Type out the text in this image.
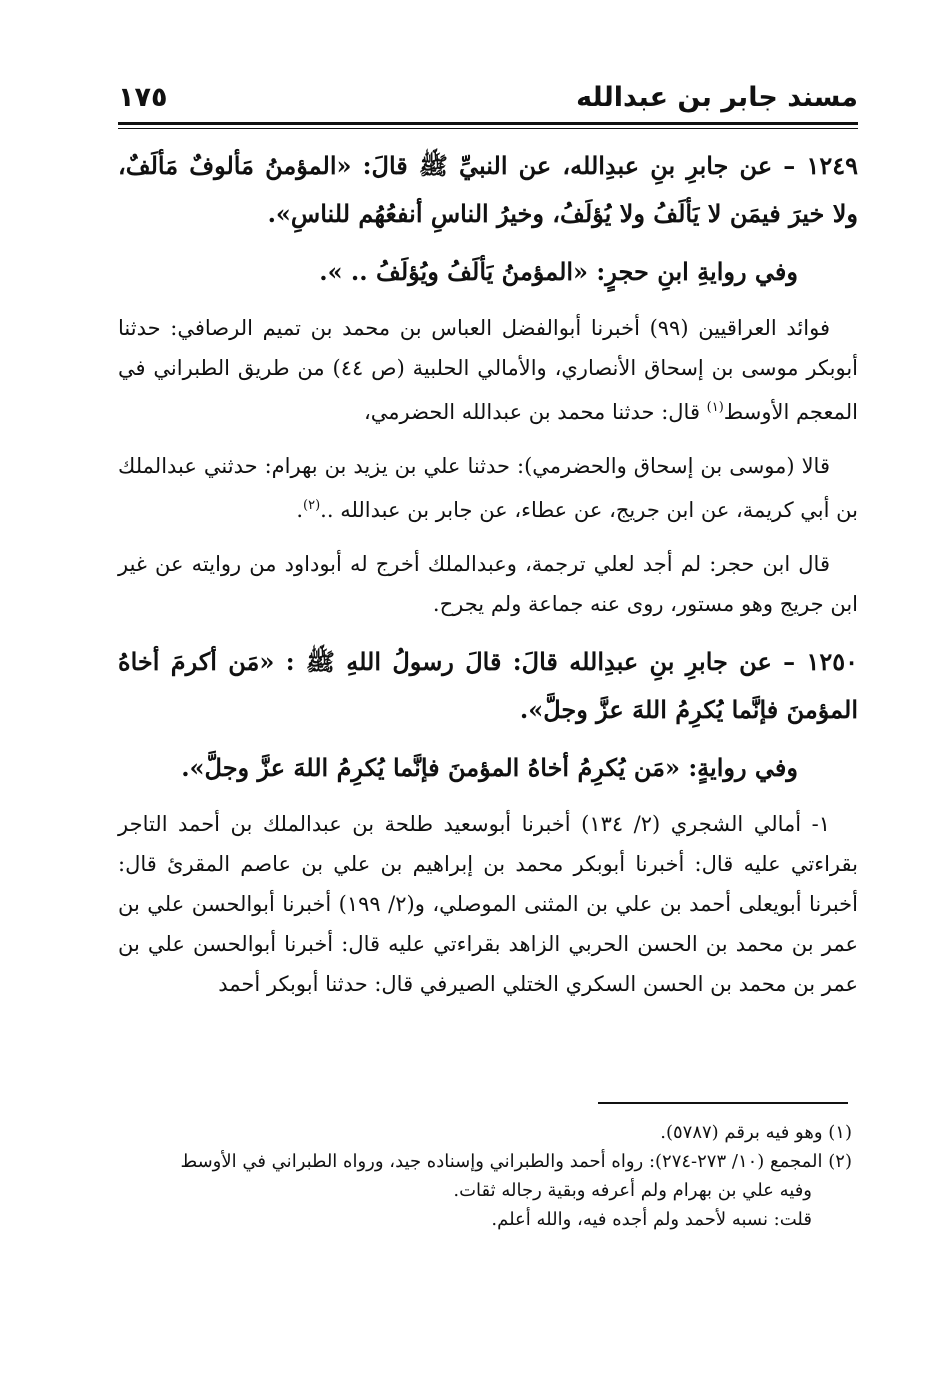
مسند جابر بن عبدالله
١٧٥

١٢٤٩ – عن جابرِ بنِ عبدِالله، عن النبيِّ ﷺ قالَ: «المؤمنُ مَألوفٌ مَألَفٌ، ولا خيرَ فيمَن لا يَألَفُ ولا يُؤلَفُ، وخيرُ الناسِ أنفعُهُم للناسِ».

وفي روايةِ ابنِ حجرٍ: «المؤمنُ يَألَفُ ويُؤلَفُ .. ».

فوائد العراقيين (٩٩) أخبرنا أبوالفضل العباس بن محمد بن تميم الرصافي: حدثنا أبوبكر موسى بن إسحاق الأنصاري، والأمالي الحلبية (ص ٤٤) من طريق الطبراني في المعجم الأوسط$^{(١)}$ قال: حدثنا محمد بن عبدالله الحضرمي،

قالا (موسى بن إسحاق والحضرمي): حدثنا علي بن يزيد بن بهرام: حدثني عبدالملك بن أبي كريمة، عن ابن جريج، عن عطاء، عن جابر بن عبدالله ..$^{(٢)}$.

قال ابن حجر: لم أجد لعلي ترجمة، وعبدالملك أخرج له أبوداود من روايته عن غير ابن جريج وهو مستور، روى عنه جماعة ولم يجرح.

١٢٥٠ – عن جابرِ بنِ عبدِالله قالَ: قالَ رسولُ اللهِ ﷺ : «مَن أكرمَ أخاهُ المؤمنَ فإنَّما يُكرِمُ اللهَ عزَّ وجلَّ».

وفي روايةٍ: «مَن يُكرِمُ أخاهُ المؤمنَ فإنَّما يُكرِمُ اللهَ عزَّ وجلَّ».

١- أمالي الشجري (٢/ ١٣٤) أخبرنا أبوسعيد طلحة بن عبدالملك بن أحمد التاجر بقراءتي عليه قال: أخبرنا أبوبكر محمد بن إبراهيم بن علي بن عاصم المقرئ قال: أخبرنا أبويعلى أحمد بن علي بن المثنى الموصلي، و(٢/ ١٩٩) أخبرنا أبوالحسن علي بن عمر بن محمد بن الحسن الحربي الزاهد بقراءتي عليه قال: أخبرنا أبوالحسن علي بن عمر بن محمد بن الحسن السكري الختلي الصيرفي قال: حدثنا أبوبكر أحمد

(١) وهو فيه برقم (٥٧٨٧).

(٢) المجمع (١٠/ ٢٧٣-٢٧٤): رواه أحمد والطبراني وإسناده جيد، ورواه الطبراني في الأوسط

وفيه علي بن بهرام ولم أعرفه وبقية رجاله ثقات.

قلت: نسبه لأحمد ولم أجده فيه، والله أعلم.
